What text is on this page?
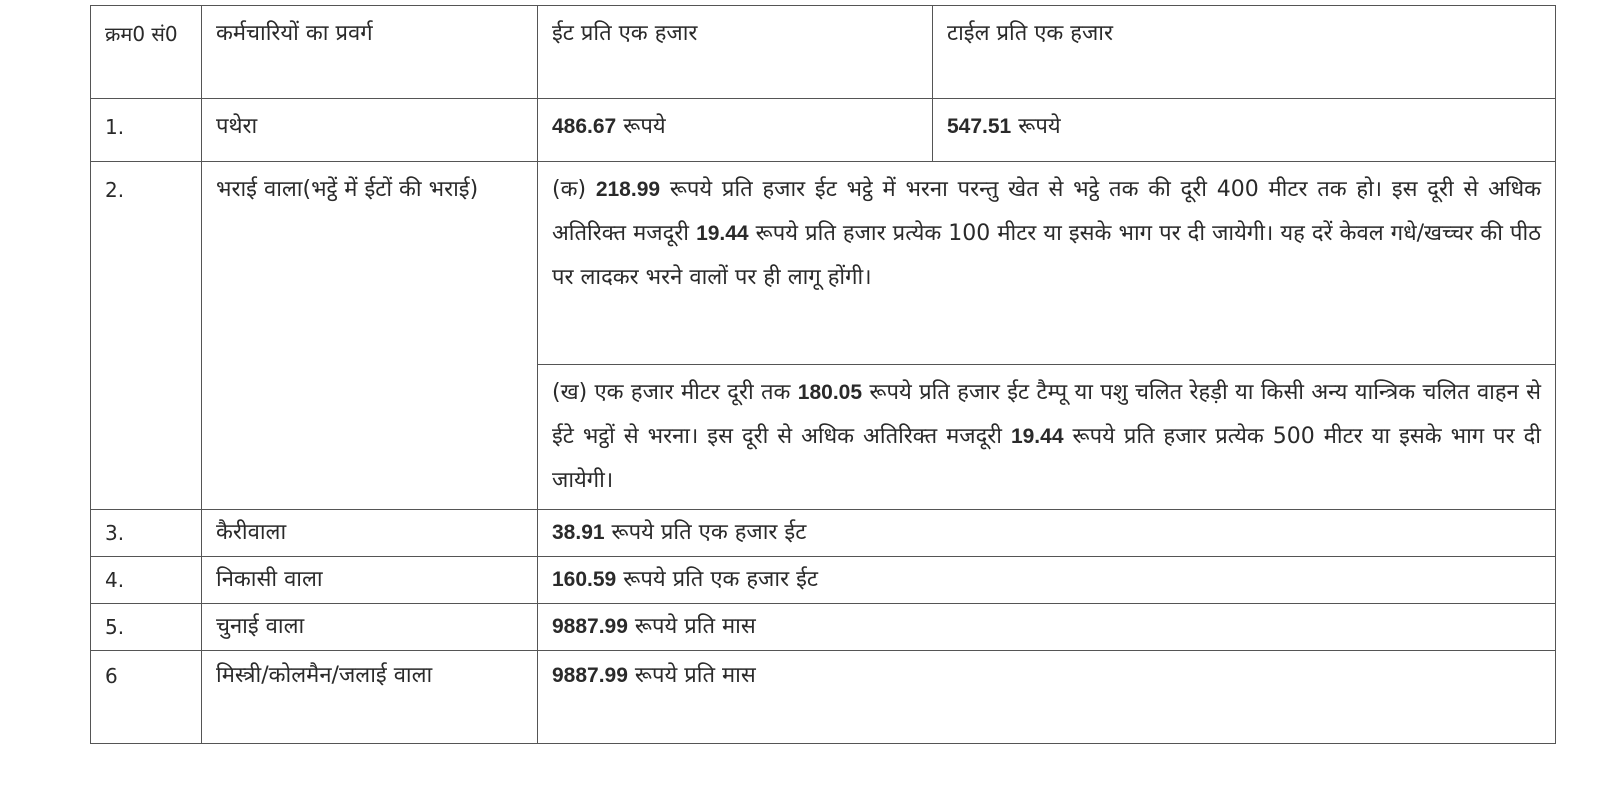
क्रम0 सं0	कर्मचारियों का प्रवर्ग	ईट प्रति एक हजार	टाईल प्रति एक हजार
1.	पथेरा	486.67 रूपये	547.51 रूपये
2.	भराई वाला(भट्ठें में ईटों की भराई)	(क) 218.99 रूपये प्रति हजार ईट भट्ठे में भरना परन्तु खेत से भट्ठे तक की दूरी 400 मीटर तक हो। इस दूरी से अधिक अतिरिक्त मजदूरी 19.44 रूपये प्रति हजार प्रत्येक 100 मीटर या इसके भाग पर दी जायेगी। यह दरें केवल गधे/खच्चर की पीठ पर लादकर भरने वालों पर ही लागू होंगी।	
		(ख) एक हजार मीटर दूरी तक 180.05 रूपये प्रति हजार ईट टैम्पू या पशु चलित रेहड़ी या किसी अन्य यान्त्रिक चलित वाहन से ईटे भट्ठों से भरना। इस दूरी से अधिक अतिरिक्त मजदूरी 19.44 रूपये प्रति हजार प्रत्येक 500 मीटर या इसके भाग पर दी जायेगी।	
3.	कैरीवाला	38.91 रूपये प्रति एक हजार ईट	
4.	निकासी वाला	160.59 रूपये प्रति एक हजार ईट	
5.	चुनाई वाला	9887.99 रूपये प्रति मास	
6	मिस्त्री/कोलमैन/जलाई वाला	9887.99 रूपये प्रति मास	
